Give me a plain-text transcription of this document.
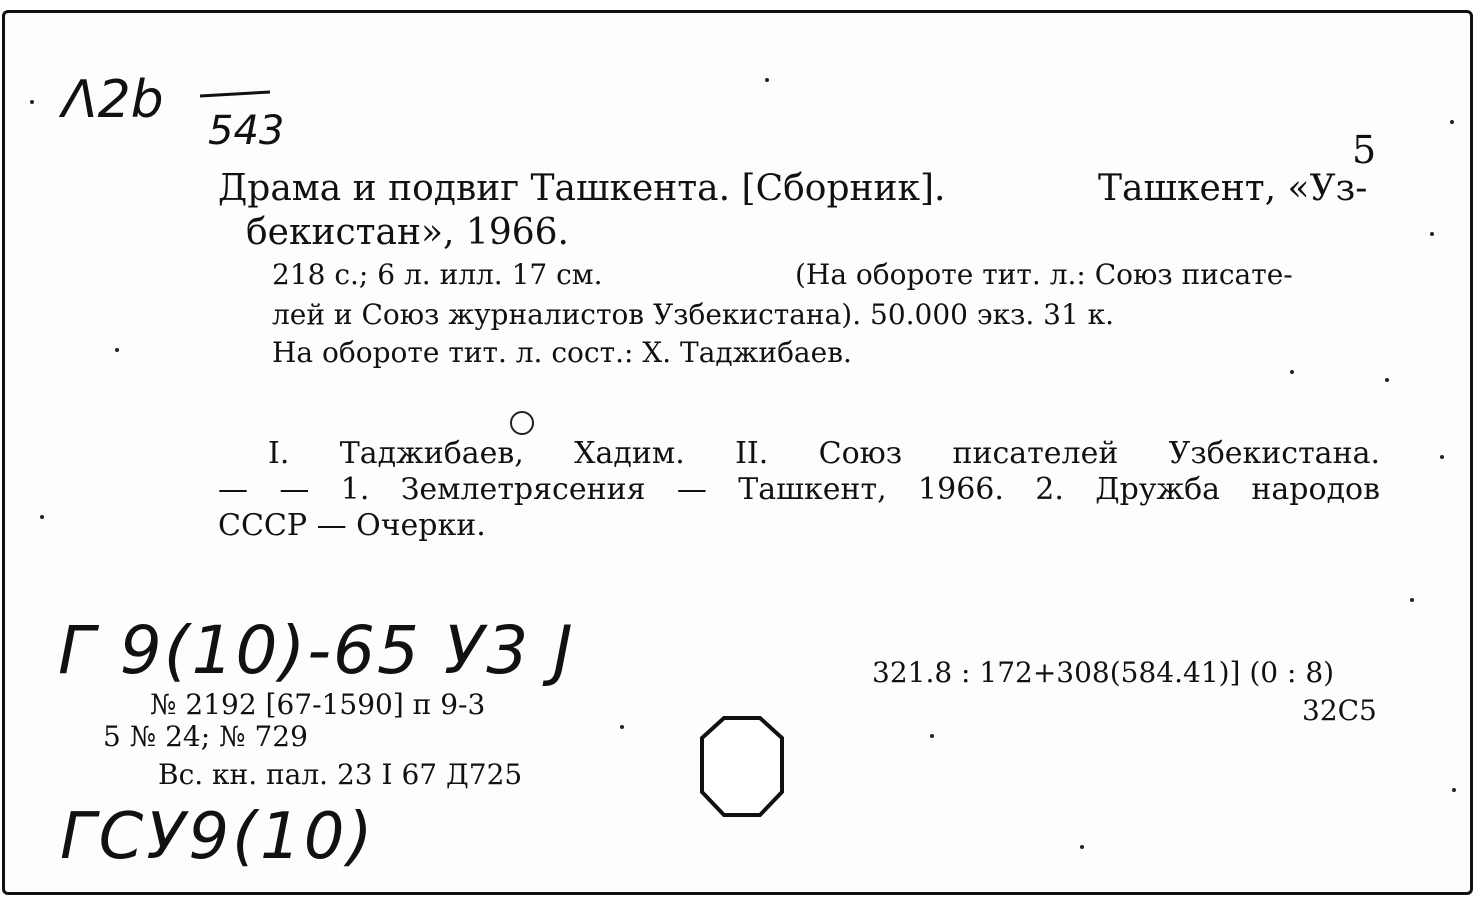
Λ2b
543	5
Драма и подвиг Ташкента. [Сборник].	Ташкент, «Уз-
бекистан», 1966.
218 с.; 6 л. илл. 17 см.	(На обороте тит. л.: Союз писате-
лей и Союз журналистов Узбекистана). 50.000 экз. 31 к.
На обороте тит. л. сост.: Х. Таджибаев.
I. Таджибаев, Хадим. II. Союз писателей Узбекистана.
— — 1. Землетрясения — Ташкент, 1966. 2. Дружба народов
СССР — Очерки.
Г 9(10)-65 У3 J
№ 2192 [67-1590] п 9-3
5 № 24; № 729
Вс. кн. пал. 23 I 67 Д725
321.8 : 172+308(584.41)] (0 : 8)
32С5
ГСУ9(10)
